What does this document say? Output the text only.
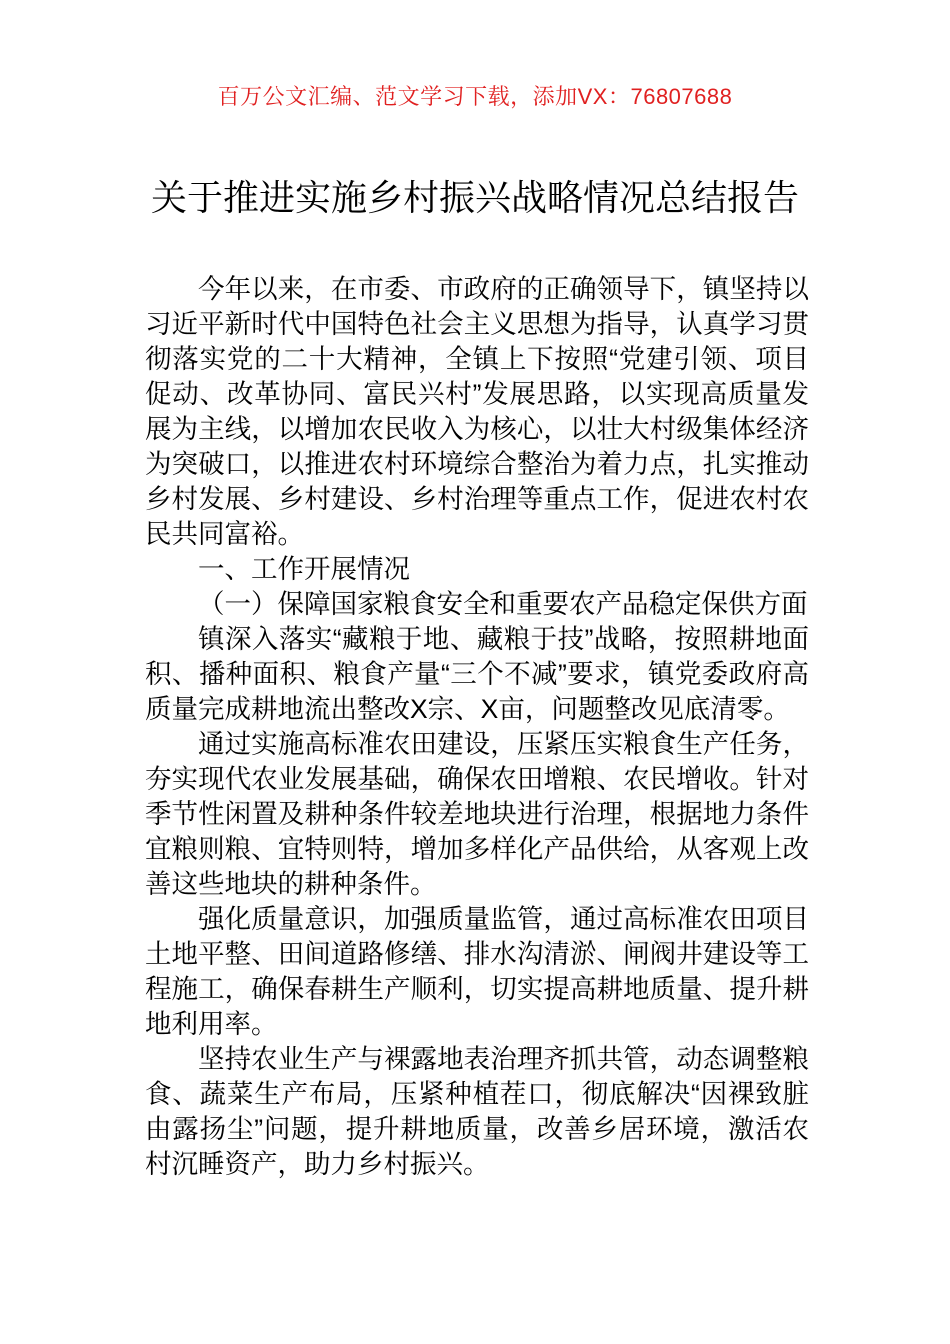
百万公文汇编、范文学习下载，添加VX：76807688
关于推进实施乡村振兴战略情况总结报告

今年以来，在市委、市政府的正确领导下，镇坚持以习近平新时代中国特色社会主义思想为指导，认真学习贯彻落实党的二十大精神，全镇上下按照“党建引领、项目促动、改革协同、富民兴村”发展思路，以实现高质量发展为主线，以增加农民收入为核心，以壮大村级集体经济为突破口，以推进农村环境综合整治为着力点，扎实推动乡村发展、乡村建设、乡村治理等重点工作，促进农村农民共同富裕。

一、工作开展情况

（一）保障国家粮食安全和重要农产品稳定保供方面

镇深入落实“藏粮于地、藏粮于技”战略，按照耕地面积、播种面积、粮食产量“三个不减”要求，镇党委政府高质量完成耕地流出整改X宗、X亩，问题整改见底清零。

通过实施高标准农田建设，压紧压实粮食生产任务，夯实现代农业发展基础，确保农田增粮、农民增收。针对季节性闲置及耕种条件较差地块进行治理，根据地力条件宜粮则粮、宜特则特，增加多样化产品供给，从客观上改善这些地块的耕种条件。

强化质量意识，加强质量监管，通过高标准农田项目土地平整、田间道路修缮、排水沟清淤、闸阀井建设等工程施工，确保春耕生产顺利，切实提高耕地质量、提升耕地利用率。

坚持农业生产与裸露地表治理齐抓共管，动态调整粮食、蔬菜生产布局，压紧种植茬口，彻底解决“因裸致脏由露扬尘”问题，提升耕地质量，改善乡居环境，激活农村沉睡资产，助力乡村振兴。
